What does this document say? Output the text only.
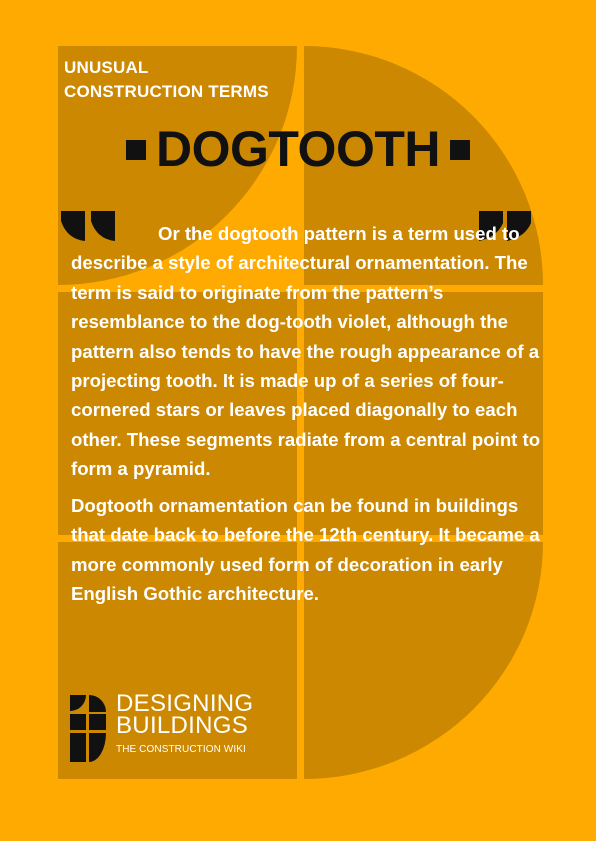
UNUSUAL
CONSTRUCTION TERMS
DOGTOOTH

Or the dogtooth pattern is a term used to describe a style of architectural ornamentation. The term is said to originate from the pattern’s resemblance to the dog-tooth violet, although the pattern also tends to have the rough appearance of a projecting tooth. It is made up of a series of four-cornered stars or leaves placed diagonally to each other. These segments radiate from a central point to form a pyramid.

Dogtooth ornamentation can be found in buildings that date back to before the 12th century. It became a more commonly used form of decoration in early English Gothic architecture.

DESIGNING
BUILDINGS
THE CONSTRUCTION WIKI
